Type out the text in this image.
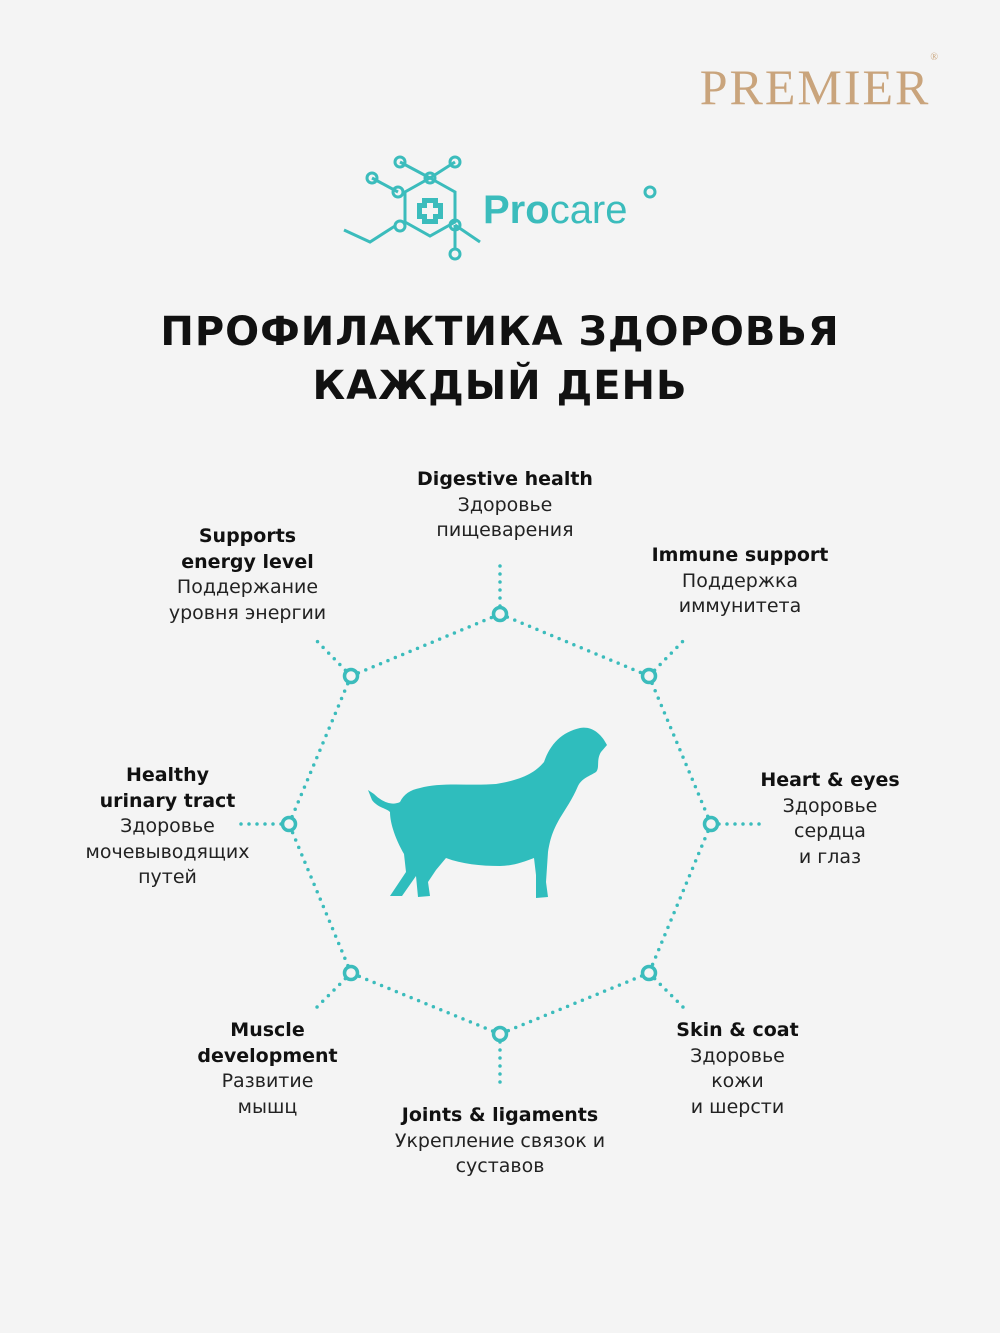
PREMIER®
Procare
ПРОФИЛАКТИКА ЗДОРОВЬЯ
КАЖДЫЙ ДЕНЬ
Digestive health
Здоровье
пищеварения
Immune support
Поддержка
иммунитета
Heart & eyes
Здоровье
сердца
и глаз
Skin & coat
Здоровье
кожи
и шерсти
Joints & ligaments
Укрепление связок и
суставов
Muscle
development
Развитие
мышц
Healthy
urinary tract
Здоровье
мочевыводящих
путей
Supports
energy level
Поддержание
уровня энергии
